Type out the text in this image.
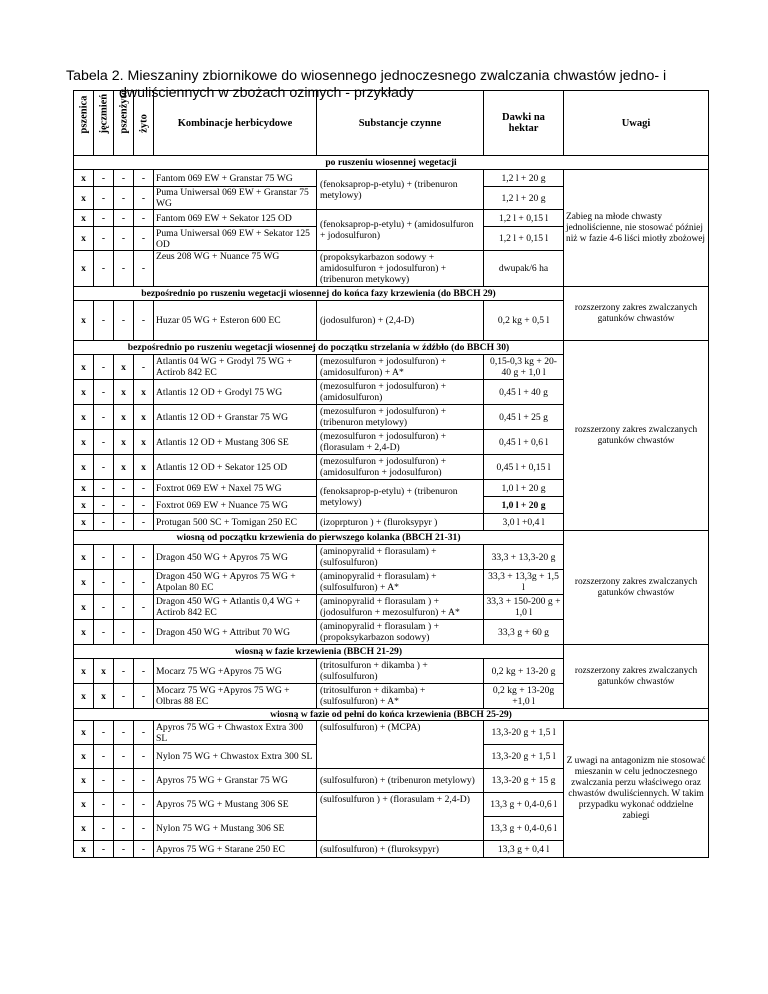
Tabela 2. Mieszaniny zbiornikowe do wiosennego jednoczesnego zwalczania chwastów jedno- i
dwuliściennych w zbożach ozimych - przykłady
pszenica	jęczmień	pszenżyto	żyto	Kombinacje herbicydowe	Substancje czynne	Dawki na hektar	Uwagi
po ruszeniu wiosennej wegetacji							
x	-	-	-	Fantom 069 EW + Granstar 75 WG	(fenoksaprop-p-etylu) + (tribenuron metylowy)	1,2 l + 20 g	Zabieg na młode chwasty jednoliścienne, nie stosować później niż w fazie 4-6 liści miotły zbożowej
x	-	-	-	Puma Uniwersal 069 EW + Granstar 75 WG		1,2 l + 20 g	
x	-	-	-	Fantom 069 EW + Sekator 125 OD	(fenoksaprop-p-etylu) + (amidosulfuron + jodosulfuron)	1,2 l + 0,15 l	
x	-	-	-	Puma Uniwersal 069 EW + Sekator 125 OD		1,2 l + 0,15 l	
x	-	-	-	Zeus 208 WG + Nuance 75 WG	(propoksykarbazon sodowy + amidosulfuron + jodosulfuron) + (tribenuron metykowy)	dwupak/6 ha	
bezpośrednio po ruszeniu wegetacji wiosennej do końca fazy krzewienia (do BBCH 29)							rozszerzony zakres zwalczanych gatunków chwastów
x	-	-	-	Huzar 05 WG + Esteron 600 EC	(jodosulfuron) + (2,4-D)	0,2 kg + 0,5 l	
bezpośrednio po ruszeniu wegetacji wiosennej do początku strzelania w źdźbło (do BBCH 30)							rozszerzony zakres zwalczanych gatunków chwastów
x	-	x	-	Atlantis 04 WG + Grodyl 75 WG + Actirob 842 EC	(mezosulfuron + jodosulfuron) + (amidosulfuron) + A*	0,15-0,3 kg + 20-40 g + 1,0 l	
x	-	x	x	Atlantis 12 OD + Grodyl 75 WG	(mezosulfuron + jodosulfuron) + (amidosulfuron)	0,45 l + 40 g	
x	-	x	x	Atlantis 12 OD + Granstar 75 WG	(mezosulfuron + jodosulfuron) + (tribenuron metylowy)	0,45 l + 25 g	
x	-	x	x	Atlantis 12 OD + Mustang 306 SE	(mezosulfuron + jodosulfuron) + (florasulam + 2,4-D)	0,45 l + 0,6 l	
x	-	x	x	Atlantis 12 OD + Sekator 125 OD	(mezosulfuron + jodosulfuron) + (amidosulfuron + jodosulfuron)	0,45 l + 0,15 l	
x	-	-	-	Foxtrot 069 EW + Naxel 75 WG	(fenoksaprop-p-etylu) + (tribenuron metylowy)	1,0 l + 20 g	
x	-	-	-	Foxtrot 069 EW + Nuance 75 WG		1,0 l + 20 g	
x	-	-	-	Protugan 500 SC + Tomigan 250 EC	(izoprpturon ) + (fluroksypyr )	3,0 l +0,4 l	
wiosną od początku krzewienia do pierwszego kolanka (BBCH 21-31)							rozszerzony zakres zwalczanych gatunków chwastów
x	-	-	-	Dragon 450 WG + Apyros 75 WG	(aminopyralid + florasulam) + (sulfosulfuron)	33,3 + 13,3-20 g	
x	-	-	-	Dragon 450 WG + Apyros 75 WG + Atpolan 80 EC	(aminopyralid + florasulam) + (sulfosulfuron) + A*	33,3 + 13,3g + 1,5 l	
x	-	-	-	Dragon 450 WG + Atlantis 0,4 WG + Actirob 842 EC	(aminopyralid + florasulam ) + (jodosulfuron + mezosulfuron) + A*	33,3 + 150-200 g + 1,0 l	
x	-	-	-	Dragon 450 WG + Attribut 70 WG	(aminopyralid + florasulam ) + (propoksykarbazon sodowy)	33,3 g + 60 g	
wiosną w fazie krzewienia (BBCH 21-29)							rozszerzony zakres zwalczanych gatunków chwastów
x	x	-	-	Mocarz 75 WG +Apyros 75 WG	(tritosulfuron + dikamba ) + (sulfosulfuron)	0,2 kg + 13-20 g	
x	x	-	-	Mocarz 75 WG +Apyros 75 WG + Olbras 88 EC	(tritosulfuron + dikamba) + (sulfosulfuron) + A*	0,2 kg + 13-20g +1,0 l	
wiosną w fazie od pełni do końca krzewienia (BBCH 25-29)							
x	-	-	-	Apyros 75 WG + Chwastox Extra 300 SL	(sulfosulfuron) + (MCPA)	13,3-20 g + 1,5 l	Z uwagi na antagonizm nie stosować mieszanin w celu jednoczesnego zwalczania perzu właściwego oraz chwastów dwuliściennych. W takim przypadku wykonać oddzielne zabiegi
x	-	-	-	Nylon 75 WG + Chwastox Extra 300 SL		13,3-20 g + 1,5 l	
x	-	-	-	Apyros 75 WG + Granstar 75 WG	(sulfosulfuron) + (tribenuron metylowy)	13,3-20 g + 15 g	
x	-	-	-	Apyros 75 WG + Mustang 306 SE	(sulfosulfuron ) + (florasulam + 2,4-D)	13,3 g + 0,4-0,6 l	
x	-	-	-	Nylon 75 WG + Mustang 306 SE		13,3 g + 0,4-0,6 l	
x	-	-	-	Apyros 75 WG + Starane 250 EC	(sulfosulfuron) + (fluroksypyr)	13,3 g + 0,4 l	
